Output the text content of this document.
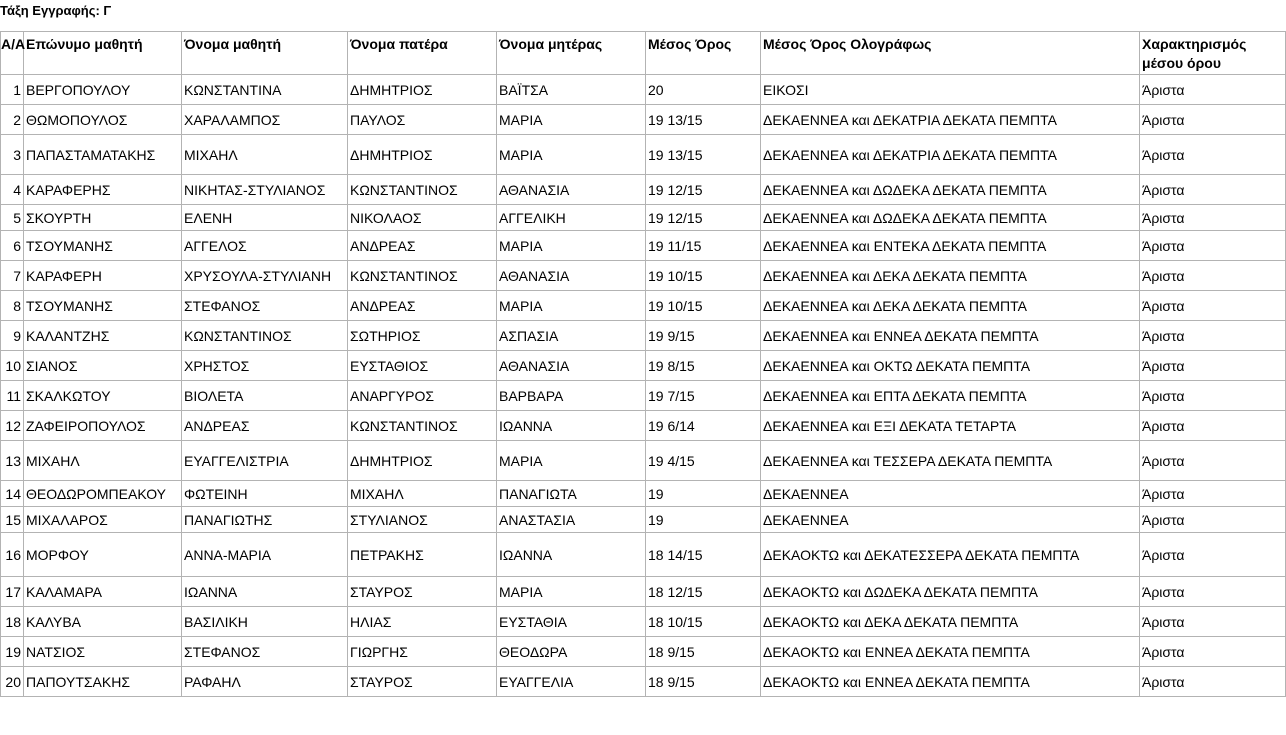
Τάξη Εγγραφής: Γ
Α/Α	Επώνυμο μαθητή	Όνομα μαθητή	Όνομα πατέρα	Όνομα μητέρας	Μέσος Όρος	Μέσος Όρος Ολογράφως	Χαρακτηρισμός μέσου όρου
1	ΒΕΡΓΟΠΟΥΛΟΥ	ΚΩΝΣΤΑΝΤΙΝΑ	ΔΗΜΗΤΡΙΟΣ	ΒΑΪΤΣΑ	20	ΕΙΚΟΣΙ	Άριστα
2	ΘΩΜΟΠΟΥΛΟΣ	ΧΑΡΑΛΑΜΠΟΣ	ΠΑΥΛΟΣ	ΜΑΡΙΑ	19 13/15	ΔΕΚΑΕΝΝΕΑ και ΔΕΚΑΤΡΙΑ ΔΕΚΑΤΑ ΠΕΜΠΤΑ	Άριστα
3	ΠΑΠΑΣΤΑΜΑΤΑΚΗΣ	ΜΙΧΑΗΛ	ΔΗΜΗΤΡΙΟΣ	ΜΑΡΙΑ	19 13/15	ΔΕΚΑΕΝΝΕΑ και ΔΕΚΑΤΡΙΑ ΔΕΚΑΤΑ ΠΕΜΠΤΑ	Άριστα
4	ΚΑΡΑΦΕΡΗΣ	ΝΙΚΗΤΑΣ-ΣΤΥΛΙΑΝΟΣ	ΚΩΝΣΤΑΝΤΙΝΟΣ	ΑΘΑΝΑΣΙΑ	19 12/15	ΔΕΚΑΕΝΝΕΑ και ΔΩΔΕΚΑ ΔΕΚΑΤΑ ΠΕΜΠΤΑ	Άριστα
5	ΣΚΟΥΡΤΗ	ΕΛΕΝΗ	ΝΙΚΟΛΑΟΣ	ΑΓΓΕΛΙΚΗ	19 12/15	ΔΕΚΑΕΝΝΕΑ και ΔΩΔΕΚΑ ΔΕΚΑΤΑ ΠΕΜΠΤΑ	Άριστα
6	ΤΣΟΥΜΑΝΗΣ	ΑΓΓΕΛΟΣ	ΑΝΔΡΕΑΣ	ΜΑΡΙΑ	19 11/15	ΔΕΚΑΕΝΝΕΑ και ΕΝΤΕΚΑ ΔΕΚΑΤΑ ΠΕΜΠΤΑ	Άριστα
7	ΚΑΡΑΦΕΡΗ	ΧΡΥΣΟΥΛΑ-ΣΤΥΛΙΑΝΗ	ΚΩΝΣΤΑΝΤΙΝΟΣ	ΑΘΑΝΑΣΙΑ	19 10/15	ΔΕΚΑΕΝΝΕΑ και ΔΕΚΑ ΔΕΚΑΤΑ ΠΕΜΠΤΑ	Άριστα
8	ΤΣΟΥΜΑΝΗΣ	ΣΤΕΦΑΝΟΣ	ΑΝΔΡΕΑΣ	ΜΑΡΙΑ	19 10/15	ΔΕΚΑΕΝΝΕΑ και ΔΕΚΑ ΔΕΚΑΤΑ ΠΕΜΠΤΑ	Άριστα
9	ΚΑΛΑΝΤΖΗΣ	ΚΩΝΣΤΑΝΤΙΝΟΣ	ΣΩΤΗΡΙΟΣ	ΑΣΠΑΣΙΑ	19 9/15	ΔΕΚΑΕΝΝΕΑ και ΕΝΝΕΑ ΔΕΚΑΤΑ ΠΕΜΠΤΑ	Άριστα
10	ΣΙΑΝΟΣ	ΧΡΗΣΤΟΣ	ΕΥΣΤΑΘΙΟΣ	ΑΘΑΝΑΣΙΑ	19 8/15	ΔΕΚΑΕΝΝΕΑ και ΟΚΤΩ ΔΕΚΑΤΑ ΠΕΜΠΤΑ	Άριστα
11	ΣΚΑΛΚΩΤΟΥ	ΒΙΟΛΕΤΑ	ΑΝΑΡΓΥΡΟΣ	ΒΑΡΒΑΡΑ	19 7/15	ΔΕΚΑΕΝΝΕΑ και ΕΠΤΑ ΔΕΚΑΤΑ ΠΕΜΠΤΑ	Άριστα
12	ΖΑΦΕΙΡΟΠΟΥΛΟΣ	ΑΝΔΡΕΑΣ	ΚΩΝΣΤΑΝΤΙΝΟΣ	ΙΩΑΝΝΑ	19 6/14	ΔΕΚΑΕΝΝΕΑ και ΕΞΙ ΔΕΚΑΤΑ ΤΕΤΑΡΤΑ	Άριστα
13	ΜΙΧΑΗΛ	ΕΥΑΓΓΕΛΙΣΤΡΙΑ	ΔΗΜΗΤΡΙΟΣ	ΜΑΡΙΑ	19 4/15	ΔΕΚΑΕΝΝΕΑ και ΤΕΣΣΕΡΑ ΔΕΚΑΤΑ ΠΕΜΠΤΑ	Άριστα
14	ΘΕΟΔΩΡΟΜΠΕΑΚΟΥ	ΦΩΤΕΙΝΗ	ΜΙΧΑΗΛ	ΠΑΝΑΓΙΩΤΑ	19	ΔΕΚΑΕΝΝΕΑ	Άριστα
15	ΜΙΧΑΛΑΡΟΣ	ΠΑΝΑΓΙΩΤΗΣ	ΣΤΥΛΙΑΝΟΣ	ΑΝΑΣΤΑΣΙΑ	19	ΔΕΚΑΕΝΝΕΑ	Άριστα
16	ΜΟΡΦΟΥ	ΑΝΝΑ-ΜΑΡΙΑ	ΠΕΤΡΑΚΗΣ	ΙΩΑΝΝΑ	18 14/15	ΔΕΚΑΟΚΤΩ και ΔΕΚΑΤΕΣΣΕΡΑ ΔΕΚΑΤΑ ΠΕΜΠΤΑ	Άριστα
17	ΚΑΛΑΜΑΡΑ	ΙΩΑΝΝΑ	ΣΤΑΥΡΟΣ	ΜΑΡΙΑ	18 12/15	ΔΕΚΑΟΚΤΩ και ΔΩΔΕΚΑ ΔΕΚΑΤΑ ΠΕΜΠΤΑ	Άριστα
18	ΚΑΛΥΒΑ	ΒΑΣΙΛΙΚΗ	ΗΛΙΑΣ	ΕΥΣΤΑΘΙΑ	18 10/15	ΔΕΚΑΟΚΤΩ και ΔΕΚΑ ΔΕΚΑΤΑ ΠΕΜΠΤΑ	Άριστα
19	ΝΑΤΣΙΟΣ	ΣΤΕΦΑΝΟΣ	ΓΙΩΡΓΗΣ	ΘΕΟΔΩΡΑ	18 9/15	ΔΕΚΑΟΚΤΩ και ΕΝΝΕΑ ΔΕΚΑΤΑ ΠΕΜΠΤΑ	Άριστα
20	ΠΑΠΟΥΤΣΑΚΗΣ	ΡΑΦΑΗΛ	ΣΤΑΥΡΟΣ	ΕΥΑΓΓΕΛΙΑ	18 9/15	ΔΕΚΑΟΚΤΩ και ΕΝΝΕΑ ΔΕΚΑΤΑ ΠΕΜΠΤΑ	Άριστα
